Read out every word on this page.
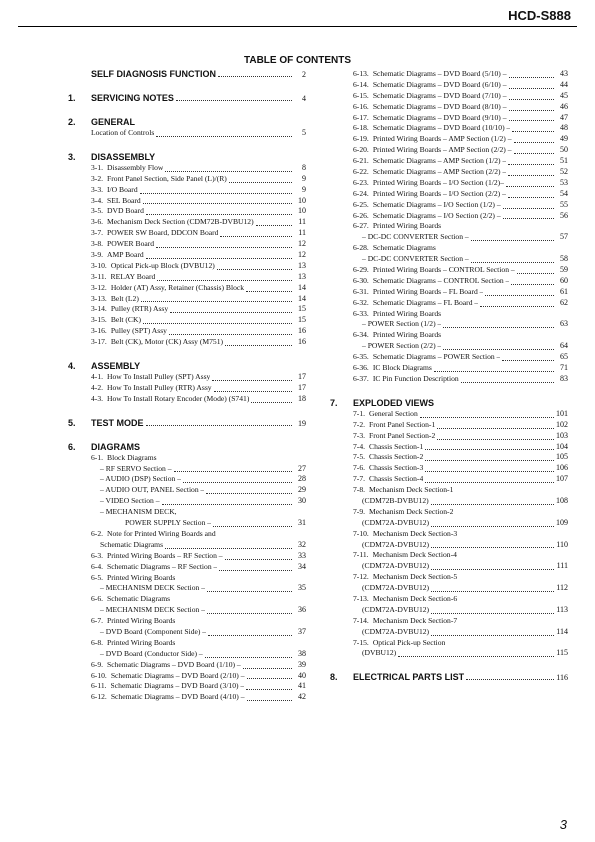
HCD-S888
TABLE OF CONTENTS
SELF DIAGNOSIS FUNCTION	2
1.	SERVICING NOTES	4
2.	GENERAL
Location of Controls	5
3.	DISASSEMBLY
3-1. Disassembly Flow	8
3-2. Front Panel Section, Side Panel (L)/(R)	9
3-3. I/O Board	9
3-4. SEL Board	10
3-5. DVD Board	10
3-6. Mechanism Deck Section (CDM72B-DVBU12)	11
3-7. POWER SW Board, DDCON Board	11
3-8. POWER Board	12
3-9. AMP Board	12
3-10. Optical Pick-up Block (DVBU12)	13
3-11. RELAY Board	13
3-12. Holder (AT) Assy, Retainer (Chassis) Block	14
3-13. Belt (L2)	14
3-14. Pulley (RTR) Assy	15
3-15. Belt (CK)	15
3-16. Pulley (SPT) Assy	16
3-17. Belt (CK), Motor (CK) Assy (M751)	16
4.	ASSEMBLY
4-1. How To Install Pulley (SPT) Assy	17
4-2. How To Install Pulley (RTR) Assy	17
4-3. How To Install Rotary Encoder (Mode) (S741)	18
5.	TEST MODE	19
6.	DIAGRAMS
6-1. Block Diagrams
– RF SERVO Section –	27
– AUDIO (DSP) Section –	28
– AUDIO OUT, PANEL Section –	29
– VIDEO Section –	30
– MECHANISM DECK,
POWER SUPPLY Section –	31
6-2. Note for Printed Wiring Boards and
Schematic Diagrams	32
6-3. Printed Wiring Boards – RF Section –	33
6-4. Schematic Diagrams – RF Section –	34
6-5. Printed Wiring Boards
– MECHANISM DECK Section –	35
6-6. Schematic Diagrams
– MECHANISM DECK Section –	36
6-7. Printed Wiring Boards
– DVD Board (Component Side) –	37
6-8. Printed Wiring Boards
– DVD Board (Conductor Side) –	38
6-9. Schematic Diagrams – DVD Board (1/10) –	39
6-10. Schematic Diagrams – DVD Board (2/10) –	40
6-11. Schematic Diagrams – DVD Board (3/10) –	41
6-12. Schematic Diagrams – DVD Board (4/10) –	42
6-13. Schematic Diagrams – DVD Board (5/10) –	43
6-14. Schematic Diagrams – DVD Board (6/10) –	44
6-15. Schematic Diagrams – DVD Board (7/10) –	45
6-16. Schematic Diagrams – DVD Board (8/10) –	46
6-17. Schematic Diagrams – DVD Board (9/10) –	47
6-18. Schematic Diagrams – DVD Board (10/10) –	48
6-19. Printed Wiring Boards – AMP Section (1/2) –	49
6-20. Printed Wiring Boards – AMP Section (2/2) –	50
6-21. Schematic Diagrams – AMP Section (1/2) –	51
6-22. Schematic Diagrams – AMP Section (2/2) –	52
6-23. Printed Wiring Boards – I/O Section (1/2)–	53
6-24. Printed Wiring Boards – I/O Section (2/2) –	54
6-25. Schematic Diagrams – I/O Section (1/2) –	55
6-26. Schematic Diagrams – I/O Section (2/2) –	56
6-27. Printed Wiring Boards
– DC-DC CONVERTER Section –	57
6-28. Schematic Diagrams
– DC-DC CONVERTER Section –	58
6-29. Printed Wiring Boards – CONTROL Section –	59
6-30. Schematic Diagrams – CONTROL Section –	60
6-31. Printed Wiring Boards – FL Board –	61
6-32. Schematic Diagrams – FL Board –	62
6-33. Printed Wiring Boards
– POWER Section (1/2) –	63
6-34. Printed Wiring Boards
– POWER Section (2/2) –	64
6-35. Schematic Diagrams – POWER Section –	65
6-36. IC Block Diagrams	71
6-37. IC Pin Function Description	83
7.	EXPLODED VIEWS
7-1. General Section	101
7-2. Front Panel Section-1	102
7-3. Front Panel Section-2	103
7-4. Chassis Section-1	104
7-5. Chassis Section-2	105
7-6. Chassis Section-3	106
7-7. Chassis Section-4	107
7-8. Mechanism Deck Section-1
(CDM72B-DVBU12)	108
7-9. Mechanism Deck Section-2
(CDM72A-DVBU12)	109
7-10. Mechanism Deck Section-3
(CDM72A-DVBU12)	110
7-11. Mechanism Deck Section-4
(CDM72A-DVBU12)	111
7-12. Mechanism Deck Section-5
(CDM72A-DVBU12)	112
7-13. Mechanism Deck Section-6
(CDM72A-DVBU12)	113
7-14. Mechanism Deck Section-7
(CDM72A-DVBU12)	114
7-15. Optical Pick-up Section
(DVBU12)	115
8.	ELECTRICAL PARTS LIST	116
3
